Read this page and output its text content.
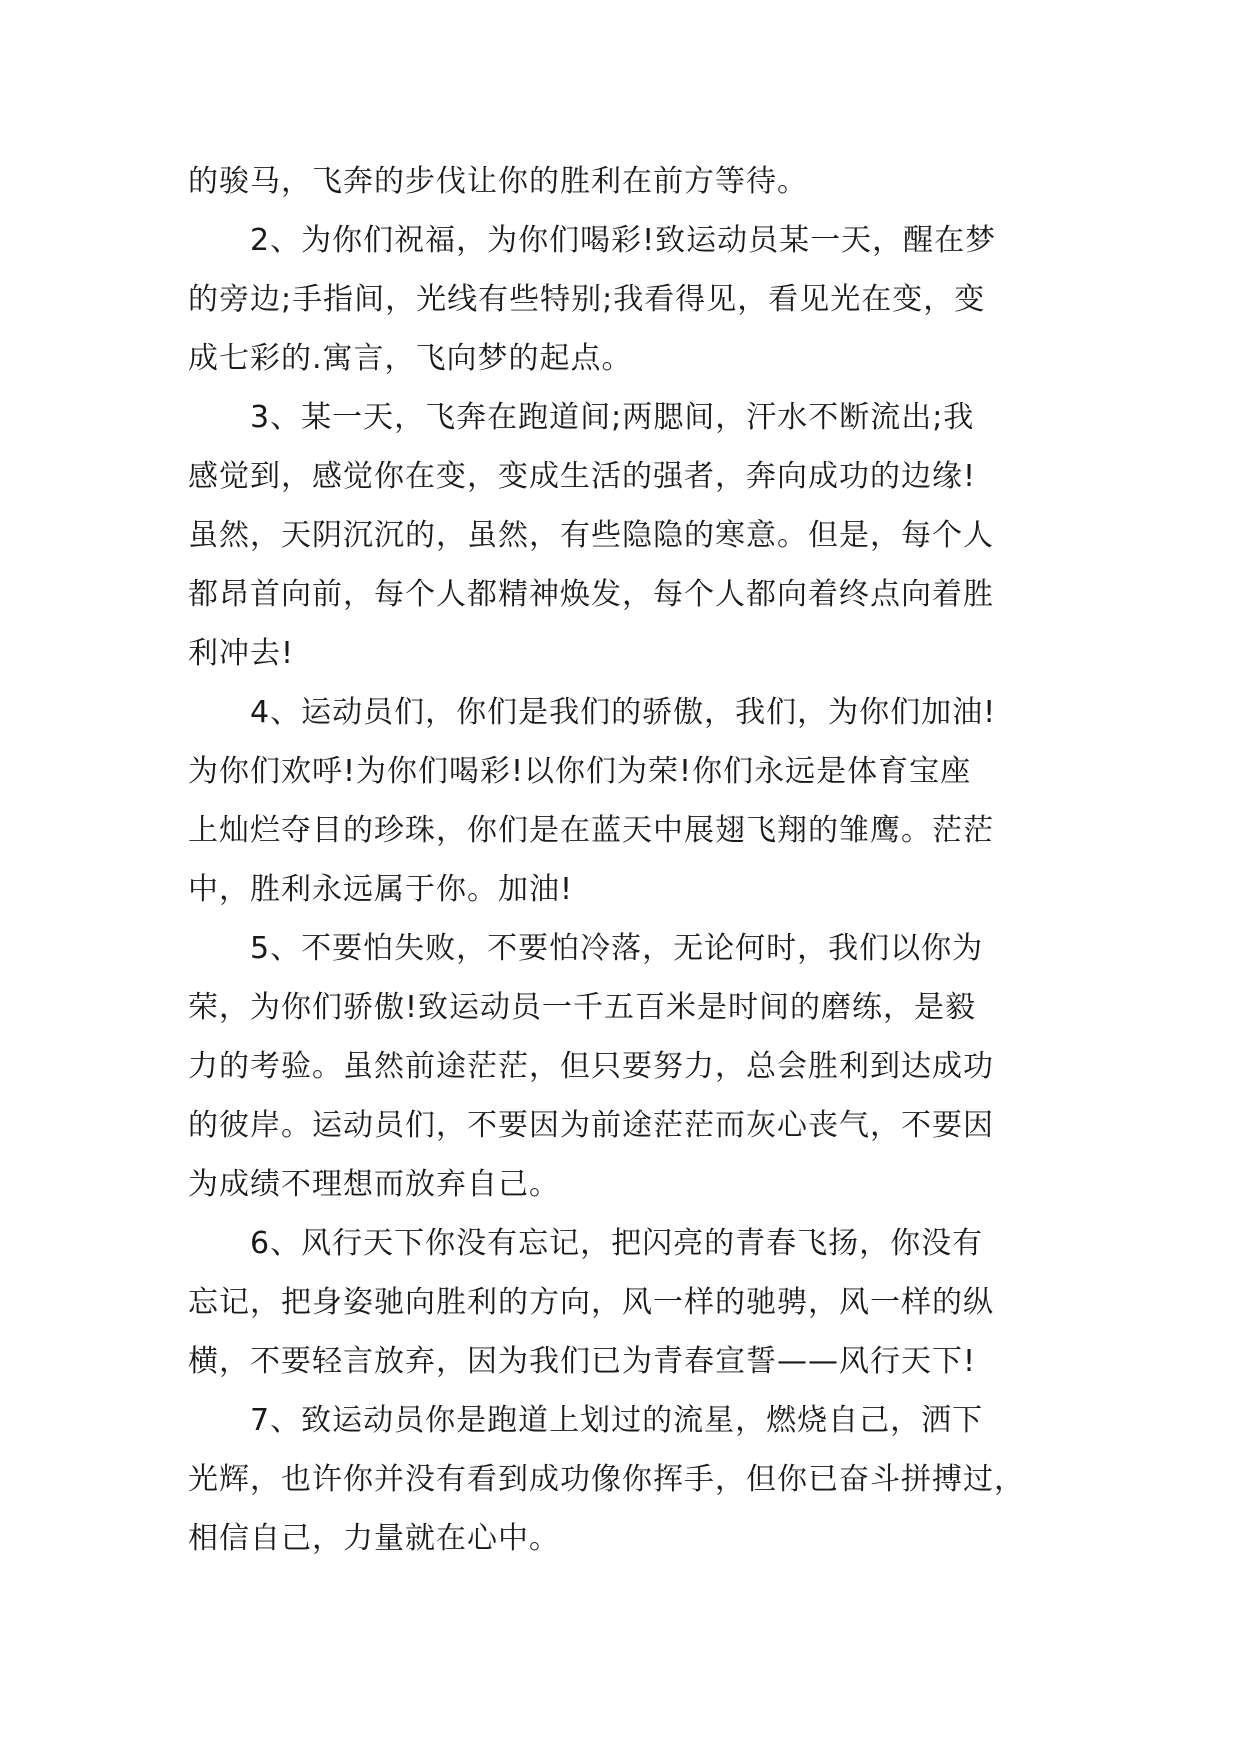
的骏马，飞奔的步伐让你的胜利在前方等待。
2、为你们祝福，为你们喝彩!致运动员某一天，醒在梦
的旁边;手指间，光线有些特别;我看得见，看见光在变，变
成七彩的.寓言，飞向梦的起点。
3、某一天，飞奔在跑道间;两腮间，汗水不断流出;我
感觉到，感觉你在变，变成生活的强者，奔向成功的边缘!
虽然，天阴沉沉的，虽然，有些隐隐的寒意。但是，每个人
都昂首向前，每个人都精神焕发，每个人都向着终点向着胜
利冲去!
4、运动员们，你们是我们的骄傲，我们，为你们加油!
为你们欢呼!为你们喝彩!以你们为荣!你们永远是体育宝座
上灿烂夺目的珍珠，你们是在蓝天中展翅飞翔的雏鹰。茫茫
中，胜利永远属于你。加油!
5、不要怕失败，不要怕冷落，无论何时，我们以你为
荣，为你们骄傲!致运动员一千五百米是时间的磨练，是毅
力的考验。虽然前途茫茫，但只要努力，总会胜利到达成功
的彼岸。运动员们，不要因为前途茫茫而灰心丧气，不要因
为成绩不理想而放弃自己。
6、风行天下你没有忘记，把闪亮的青春飞扬，你没有
忘记，把身姿驰向胜利的方向，风一样的驰骋，风一样的纵
横，不要轻言放弃，因为我们已为青春宣誓——风行天下!
7、致运动员你是跑道上划过的流星，燃烧自己，洒下
光辉，也许你并没有看到成功像你挥手，但你已奋斗拼搏过，
相信自己，力量就在心中。
